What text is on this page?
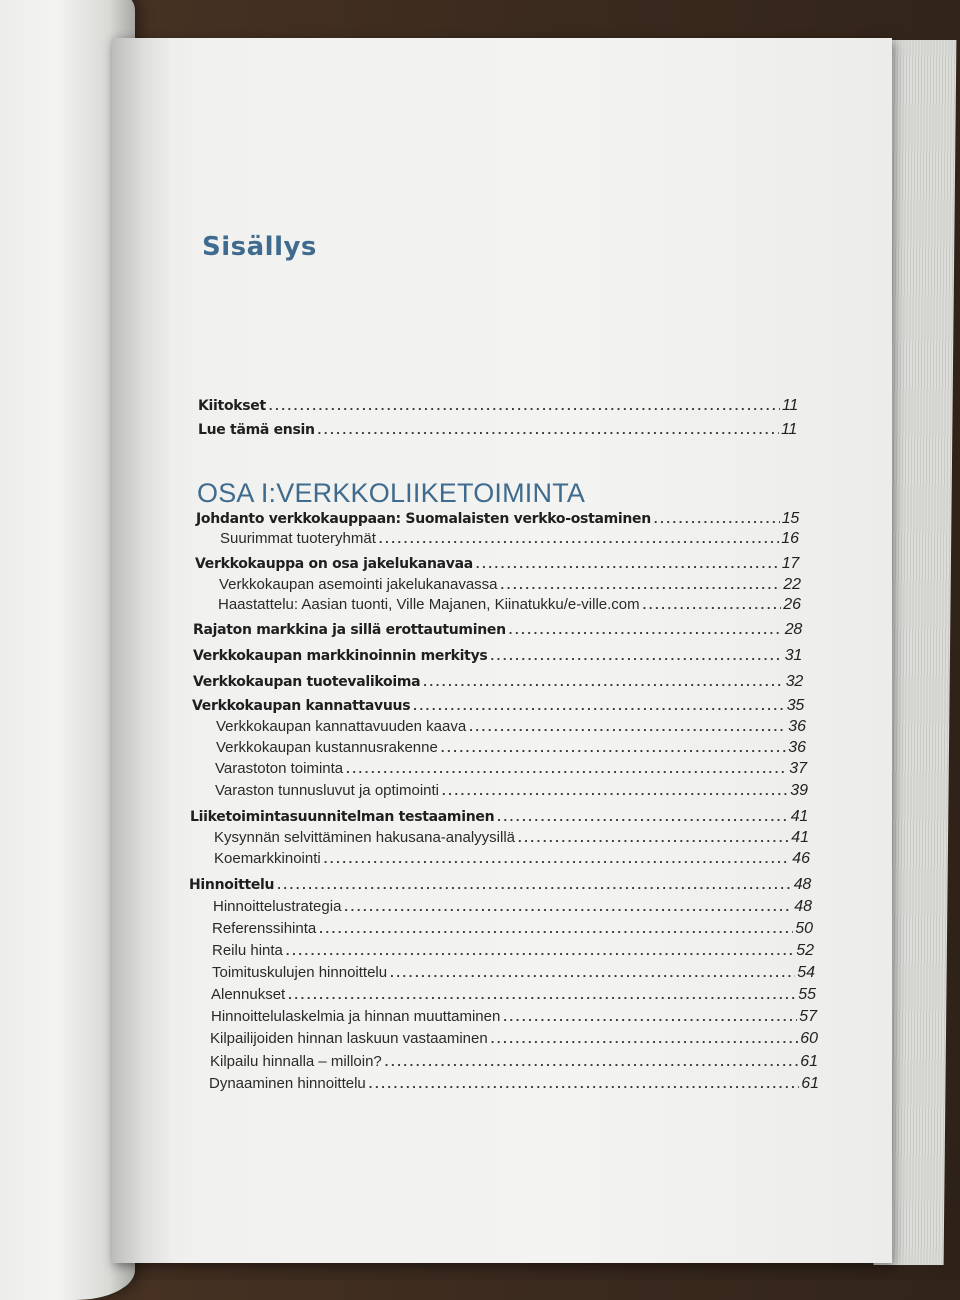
Sisällys
Kiitokset .....	11
Lue tämä ensin .....	11
OSA I:VERKKOLIIKETOIMINTA
Johdanto verkkokauppaan: Suomalaisten verkko-ostaminen .....	15
Suurimmat tuoteryhmät .....	16
Verkkokauppa on osa jakelukanavaa .....	17
Verkkokaupan asemointi jakelukanavassa .....	22
Haastattelu: Aasian tuonti, Ville Majanen, Kiinatukku/e-ville.com .....	26
Rajaton markkina ja sillä erottautuminen .....	28
Verkkokaupan markkinoinnin merkitys .....	31
Verkkokaupan tuotevalikoima .....	32
Verkkokaupan kannattavuus .....	35
Verkkokaupan kannattavuuden kaava .....	36
Verkkokaupan kustannusrakenne .....	36
Varastoton toiminta .....	37
Varaston tunnusluvut ja optimointi .....	39
Liiketoimintasuunnitelman testaaminen .....	41
Kysynnän selvittäminen hakusana-analyysillä .....	41
Koemarkkinointi .....	46
Hinnoittelu .....	48
Hinnoittelustrategia .....	48
Referenssihinta .....	50
Reilu hinta .....	52
Toimituskulujen hinnoittelu .....	54
Alennukset .....	55
Hinnoittelulaskelmia ja hinnan muuttaminen .....	57
Kilpailijoiden hinnan laskuun vastaaminen .....	60
Kilpailu hinnalla – milloin? .....	61
Dynaaminen hinnoittelu .....	61
